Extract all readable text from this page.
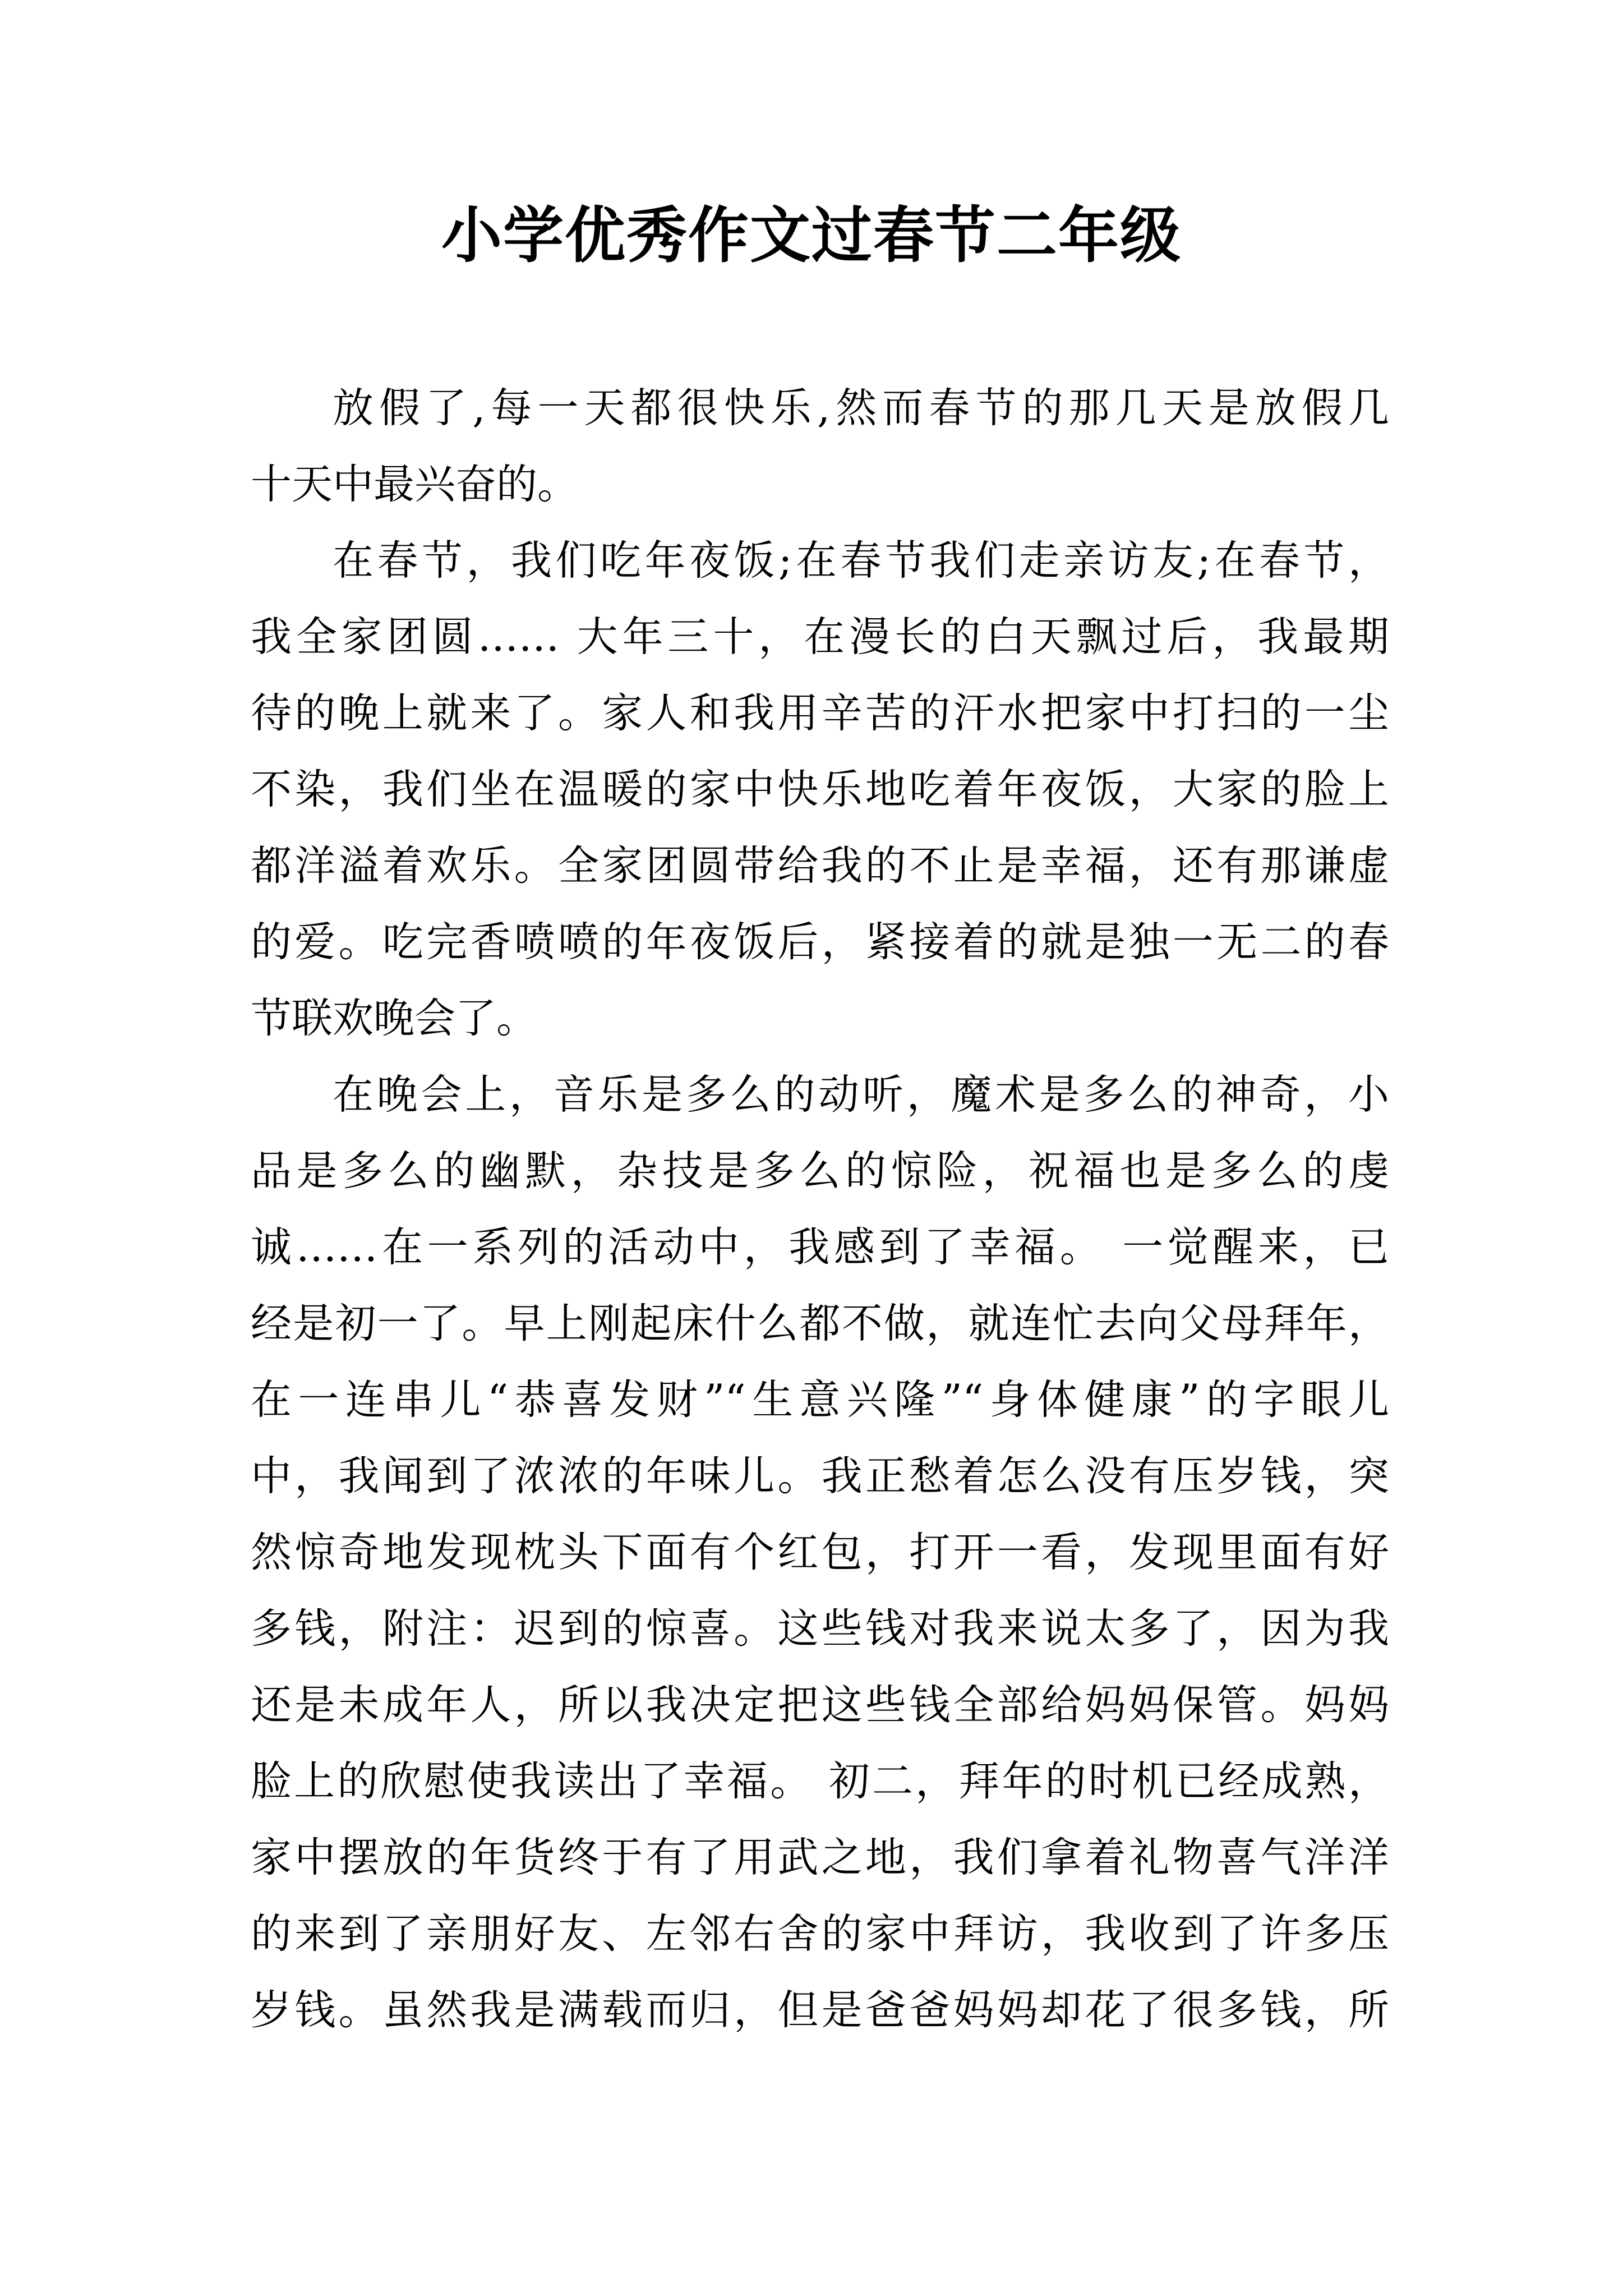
小学优秀作文过春节二年级
放假了,每一天都很快乐,然而春节的那几天是放假几
十天中最兴奋的。
在春节，我们吃年夜饭;在春节我们走亲访友;在春节，
我全家团圆…… 大年三十，在漫长的白天飘过后，我最期
待的晚上就来了。家人和我用辛苦的汗水把家中打扫的一尘
不染，我们坐在温暖的家中快乐地吃着年夜饭，大家的脸上
都洋溢着欢乐。全家团圆带给我的不止是幸福，还有那谦虚
的爱。吃完香喷喷的年夜饭后，紧接着的就是独一无二的春
节联欢晚会了。
在晚会上，音乐是多么的动听，魔术是多么的神奇，小
品是多么的幽默，杂技是多么的惊险，祝福也是多么的虔
诚……在一系列的活动中，我感到了幸福。 一觉醒来，已
经是初一了。早上刚起床什么都不做，就连忙去向父母拜年，
在一连串儿“恭喜发财”“生意兴隆”“身体健康”的字眼儿
中，我闻到了浓浓的年味儿。我正愁着怎么没有压岁钱，突
然惊奇地发现枕头下面有个红包，打开一看，发现里面有好
多钱，附注：迟到的惊喜。这些钱对我来说太多了，因为我
还是未成年人，所以我决定把这些钱全部给妈妈保管。妈妈
脸上的欣慰使我读出了幸福。 初二，拜年的时机已经成熟，
家中摆放的年货终于有了用武之地，我们拿着礼物喜气洋洋
的来到了亲朋好友、左邻右舍的家中拜访，我收到了许多压
岁钱。虽然我是满载而归，但是爸爸妈妈却花了很多钱，所
